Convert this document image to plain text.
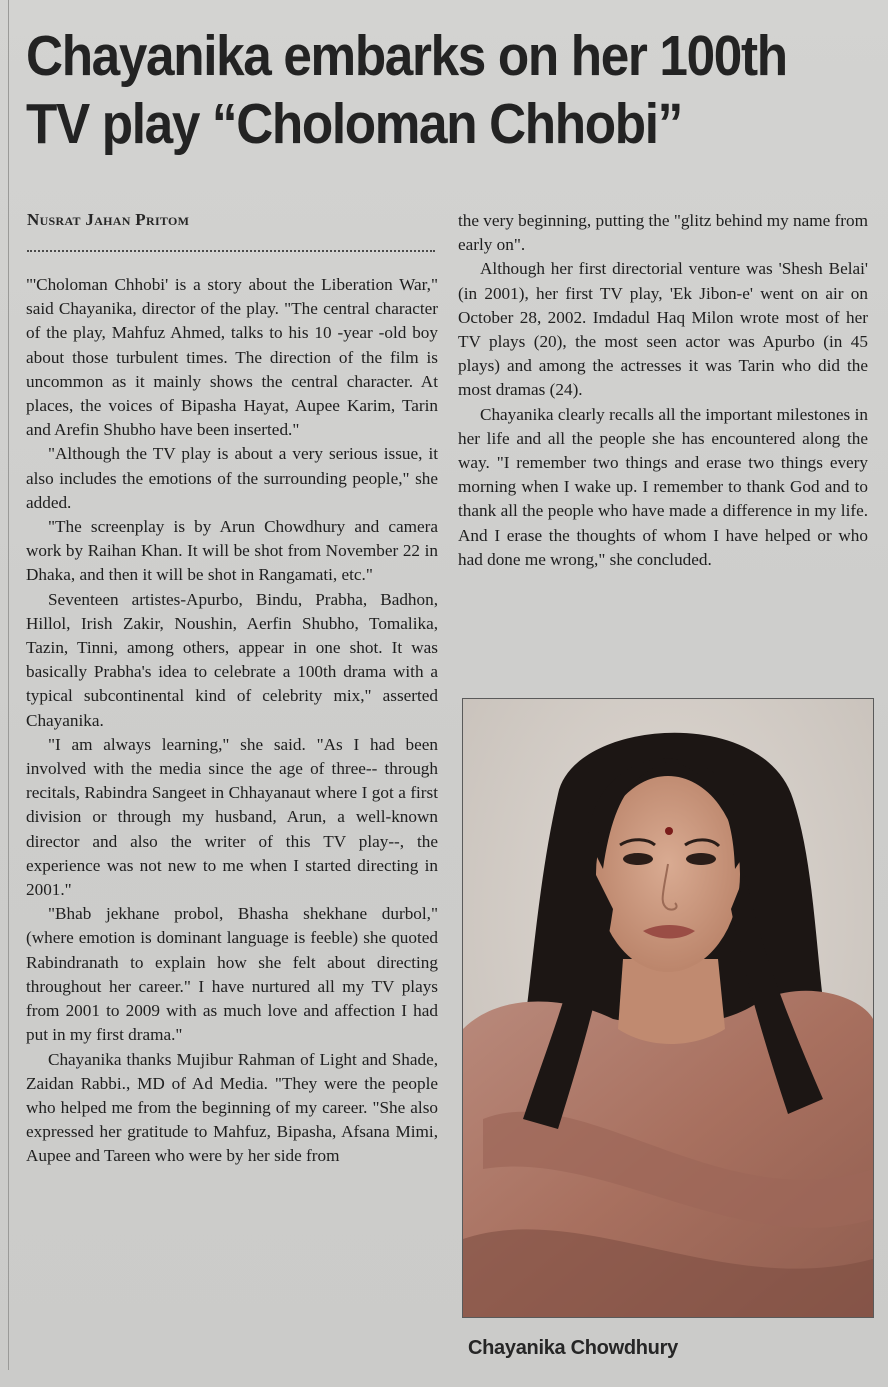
Chayanika embarks on her 100th
TV play “Choloman Chhobi”
Nusrat Jahan Pritom

"'Choloman Chhobi' is a story about the Liberation War," said Chayanika, director of the play. "The central character of the play, Mahfuz Ahmed, talks to his 10 -year -old boy about those turbulent times. The direction of the film is uncommon as it mainly shows the central character. At places, the voices of Bipasha Hayat, Aupee Karim, Tarin and Arefin Shubho have been inserted."

"Although the TV play is about a very serious issue, it also includes the emotions of the surrounding people," she added.

"The screenplay is by Arun Chowdhury and camera work by Raihan Khan. It will be shot from November 22 in Dhaka, and then it will be shot in Rangamati, etc."

Seventeen artistes-Apurbo, Bindu, Prabha, Badhon, Hillol, Irish Zakir, Noushin, Aerfin Shubho, Tomalika, Tazin, Tinni, among others, appear in one shot. It was basically Prabha's idea to celebrate a 100th drama with a typical subcontinental kind of celebrity mix," asserted Chayanika.

"I am always learning," she said. "As I had been involved with the media since the age of three-- through recitals, Rabindra Sangeet in Chhayanaut where I got a first division or through my husband, Arun, a well-known director and also the writer of this TV play--, the experience was not new to me when I started directing in 2001."

"Bhab jekhane probol, Bhasha shekhane durbol," (where emotion is dominant language is feeble) she quoted Rabindranath to explain how she felt about directing throughout her career." I have nurtured all my TV plays from 2001 to 2009 with as much love and affection I had put in my first drama."

Chayanika thanks Mujibur Rahman of Light and Shade, Zaidan Rabbi., MD of Ad Media. "They were the people who helped me from the beginning of my career. "She also expressed her gratitude to Mahfuz, Bipasha, Afsana Mimi, Aupee and Tareen who were by her side from

the very beginning, putting the "glitz behind my name from early on".

Although her first directorial venture was 'Shesh Belai' (in 2001), her first TV play, 'Ek Jibon-e' went on air on October 28, 2002. Imdadul Haq Milon wrote most of her TV plays (20), the most seen actor was Apurbo (in 45 plays) and among the actresses it was Tarin who did the most dramas (24).

Chayanika clearly recalls all the important milestones in her life and all the people she has encountered along the way. "I remember two things and erase two things every morning when I wake up. I remember to thank God and to thank all the people who have made a difference in my life. And I erase the thoughts of whom I have helped or who had done me wrong," she concluded.

Chayanika Chowdhury
